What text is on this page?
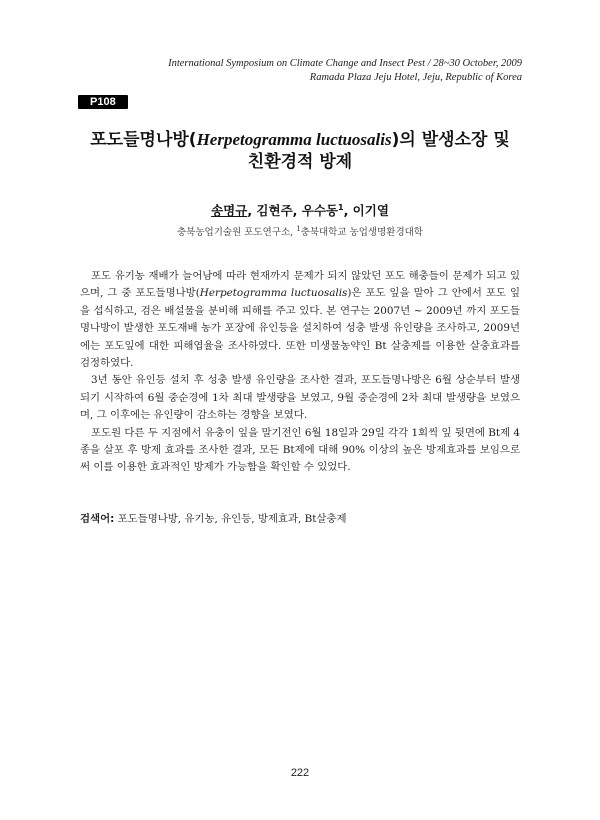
International Symposium on Climate Change and Insect Pest / 28~30 October, 2009
Ramada Plaza Jeju Hotel, Jeju, Republic of Korea
P108
포도들명나방(Herpetogramma luctuosalis)의 발생소장 및
친환경적 방제
송명규, 김현주, 우수동$^1$, 이기열
충북농업기술원 포도연구소, $^1$충북대학교 농업생명환경대학

포도 유기농 재배가 늘어남에 따라 현재까지 문제가 되지 않았던 포도 해충들이 문제가 되고 있으며, 그 중 포도들명나방(Herpetogramma luctuosalis)은 포도 잎을 말아 그 안에서 포도 잎을 섭식하고, 검은 배설물을 분비해 피해를 주고 있다. 본 연구는 2007년 ~ 2009년 까지 포도들명나방이 발생한 포도재배 농가 포장에 유인등을 설치하여 성충 발생 유인량을 조사하고, 2009년에는 포도잎에 대한 피해엽율을 조사하였다. 또한 미생물농약인 Bt 살충제를 이용한 살충효과를 검정하였다.

3년 동안 유인등 설치 후 성충 발생 유인량을 조사한 결과, 포도들명나방은 6월 상순부터 발생되기 시작하여 6월 중순경에 1차 최대 발생량을 보였고, 9월 중순경에 2차 최대 발생량을 보였으며, 그 이후에는 유인량이 감소하는 경향을 보였다.

포도원 다른 두 지점에서 유충이 잎을 말기전인 6월 18일과 29일 각각 1회씩 잎 뒷면에 Bt제 4종을 살포 후 방제 효과를 조사한 결과, 모든 Bt제에 대해 90% 이상의 높은 방제효과를 보임으로써 이를 이용한 효과적인 방제가 가능함을 확인할 수 있었다.

검색어: 포도들명나방, 유기농, 유인등, 방제효과, Bt살충제
222
